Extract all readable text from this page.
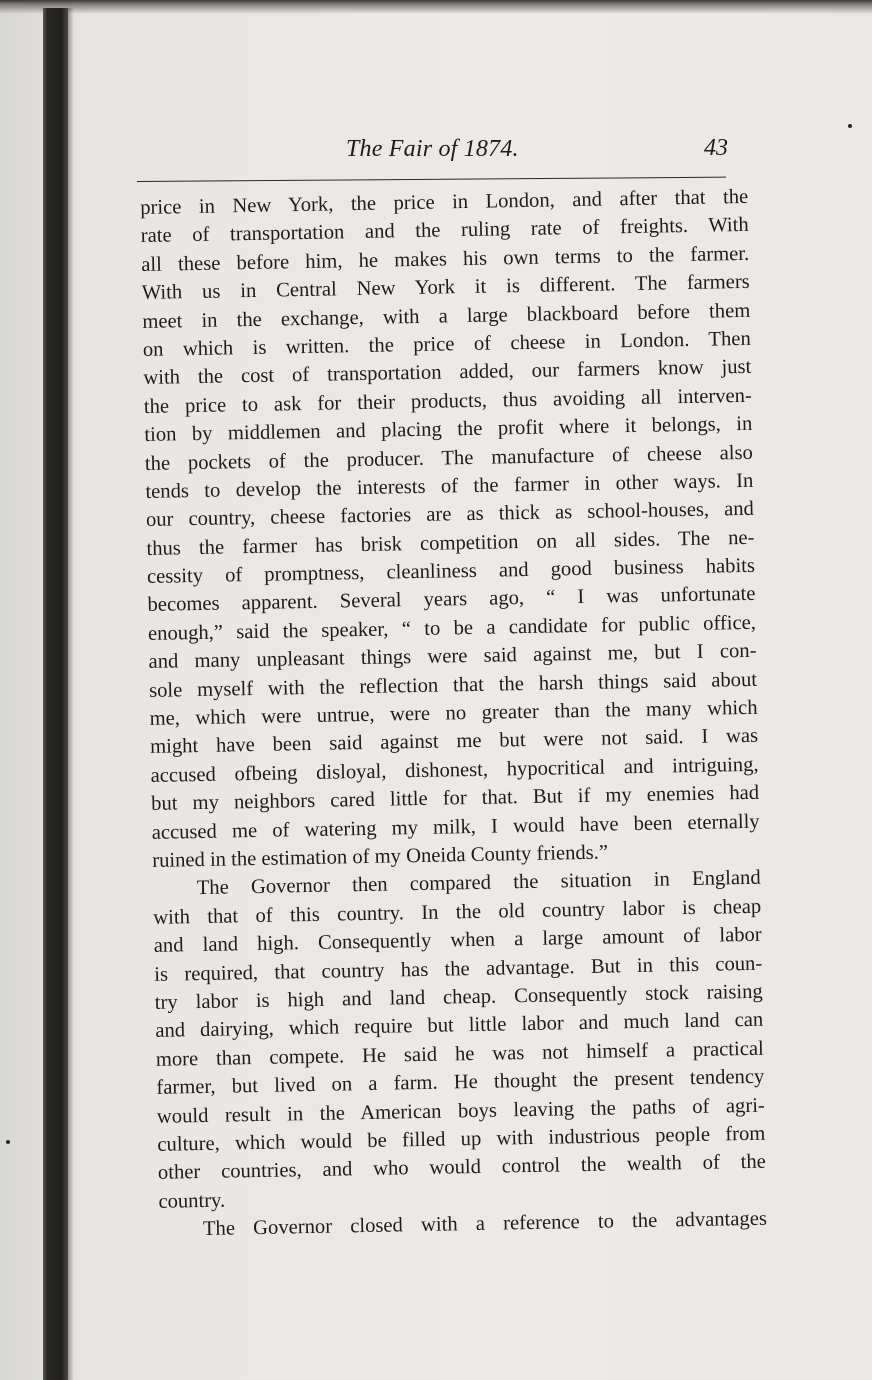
The Fair of 1874.	43
price in New York, the price in London, and after that the
rate of transportation and the ruling rate of freights. With
all these before him, he makes his own terms to the farmer.
With us in Central New York it is different. The farmers
meet in the exchange, with a large blackboard before them
on which is written. the price of cheese in London. Then
with the cost of transportation added, our farmers know just
the price to ask for their products, thus avoiding all interven-
tion by middlemen and placing the profit where it belongs, in
the pockets of the producer. The manufacture of cheese also
tends to develop the interests of the farmer in other ways. In
our country, cheese factories are as thick as school-houses, and
thus the farmer has brisk competition on all sides. The ne-
cessity of promptness, cleanliness and good business habits
becomes apparent. Several years ago, “ I was unfortunate
enough,” said the speaker, “ to be a candidate for public office,
and many unpleasant things were said against me, but I con-
sole myself with the reflection that the harsh things said about
me, which were untrue, were no greater than the many which
might have been said against me but were not said. I was
accused ofbeing disloyal, dishonest, hypocritical and intriguing,
but my neighbors cared little for that. But if my enemies had
accused me of watering my milk, I would have been eternally
ruined in the estimation of my Oneida County friends.”
The Governor then compared the situation in England
with that of this country. In the old country labor is cheap
and land high. Consequently when a large amount of labor
is required, that country has the advantage. But in this coun-
try labor is high and land cheap. Consequently stock raising
and dairying, which require but little labor and much land can
more than compete. He said he was not himself a practical
farmer, but lived on a farm. He thought the present tendency
would result in the American boys leaving the paths of agri-
culture, which would be filled up with industrious people from
other countries, and who would control the wealth of the
country.
The Governor closed with a reference to the advantages
